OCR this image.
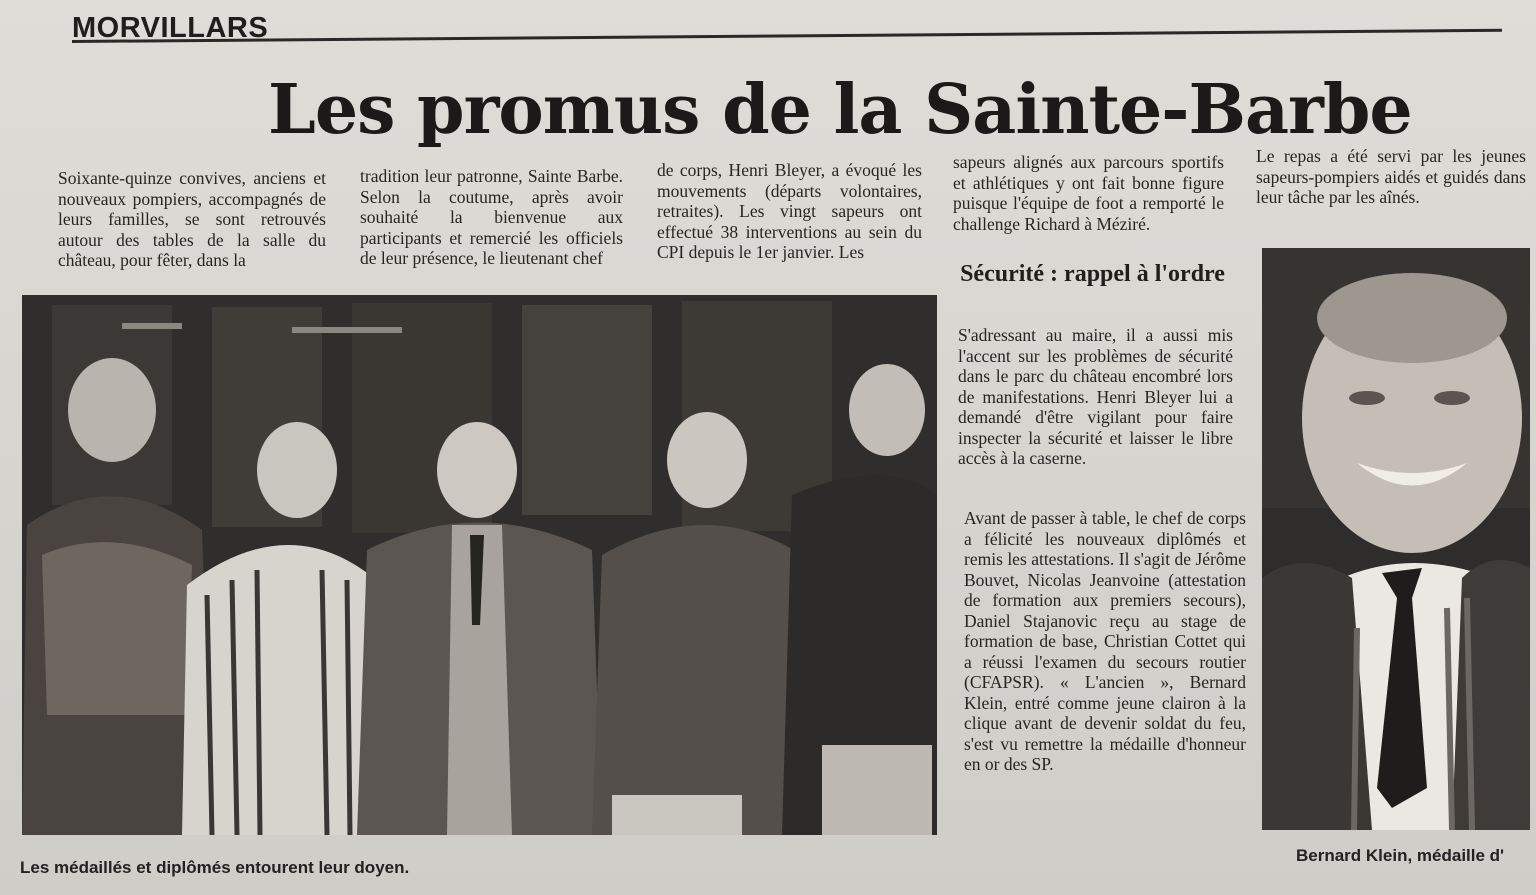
MORVILLARS
Les promus de la Sainte-Barbe

Soixante-quinze convives, anciens et nouveaux pompiers, accompagnés de leurs familles, se sont retrouvés autour des tables de la salle du château, pour fêter, dans la

tradition leur patronne, Sainte Barbe. Selon la coutume, après avoir souhaité la bienvenue aux participants et remercié les officiels de leur présence, le lieutenant chef

de corps, Henri Bleyer, a évoqué les mouvements (départs volontaires, retraites). Les vingt sapeurs ont effectué 38 interventions au sein du CPI depuis le 1er janvier. Les

sapeurs alignés aux parcours sportifs et athlétiques y ont fait bonne figure puisque l'équipe de foot a remporté le challenge Richard à Méziré.

Le repas a été servi par les jeunes sapeurs-pompiers aidés et guidés dans leur tâche par les aînés.

Sécurité : rappel à l'ordre

S'adressant au maire, il a aussi mis l'accent sur les problèmes de sécurité dans le parc du château encombré lors de manifestations. Henri Bleyer lui a demandé d'être vigilant pour faire inspecter la sécurité et laisser le libre accès à la caserne.

Avant de passer à table, le chef de corps a félicité les nouveaux diplômés et remis les attestations. Il s'agit de Jérôme Bouvet, Nicolas Jeanvoine (attestation de formation aux premiers secours), Daniel Stajanovic reçu au stage de formation de base, Christian Cottet qui a réussi l'examen du secours routier (CFAPSR). « L'ancien », Bernard Klein, entré comme jeune clairon à la clique avant de devenir soldat du feu, s'est vu remettre la médaille d'honneur en or des SP.

Les médaillés et diplômés entourent leur doyen.
Bernard Klein, médaille d'
